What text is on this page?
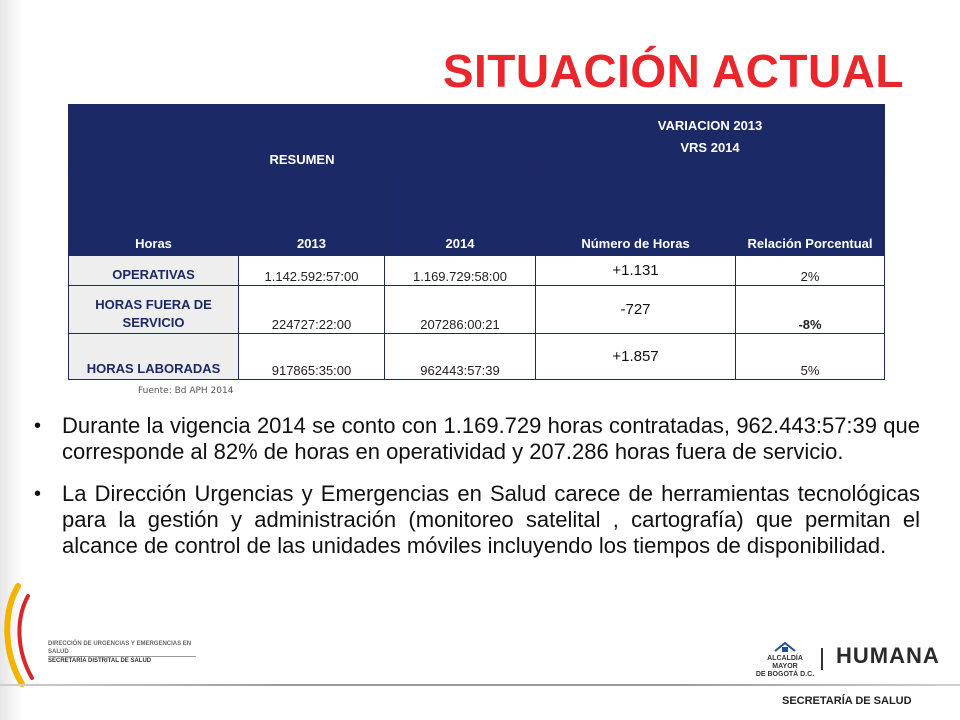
SITUACIÓN ACTUAL
RESUMEN			VARIACION 2013
VRS 2014	

Horas	2013	2014	Número de Horas	Relación Porcentual
OPERATIVAS	1.142.592:57:00	1.169.729:58:00	+1.131	2%
HORAS FUERA DE SERVICIO	224727:22:00	207286:00:21	-727	-8%
HORAS LABORADAS	917865:35:00	962443:57:39	+1.857	5%
Fuente: Bd APH 2014
• Durante la vigencia 2014 se conto con 1.169.729 horas contratadas, 962.443:57:39 que corresponde al 82% de horas en operatividad y 207.286 horas fuera de servicio.
• La Dirección Urgencias y Emergencias en Salud carece de herramientas tecnológicas para la gestión y administración (monitoreo satelital , cartografía) que permitan el alcance de control de las unidades móviles incluyendo los tiempos de disponibilidad.
DIRECCIÓN DE URGENCIAS Y EMERGENCIAS EN SALUD
SECRETARÍA DISTRITAL DE SALUD	ALCALDÍA MAYOR
DE BOGOTÁ D.C.
HUMANA
SECRETARÍA DE SALUD
